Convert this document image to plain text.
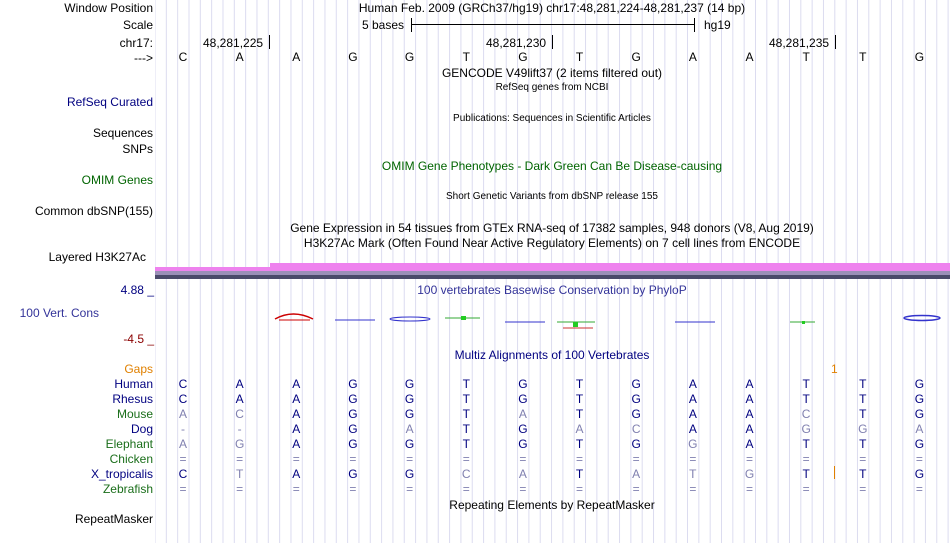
Window Position	Human Feb. 2009 (GRCh37/hg19) chr17:48,281,224-48,281,237 (14 bp)
Scale	5 bases	hg19
chr17:	48,281,225	48,281,230	48,281,235
--->	C	A	A	G	G	T	G	T	G	A	A	T	T	G
GENCODE V49lift37 (2 items filtered out)
RefSeq genes from NCBI
RefSeq Curated
Publications: Sequences in Scientific Articles
Sequences
SNPs
OMIM Gene Phenotypes - Dark Green Can Be Disease-causing
OMIM Genes
Short Genetic Variants from dbSNP release 155
Common dbSNP(155)
Gene Expression in 54 tissues from GTEx RNA-seq of 17382 samples, 948 donors (V8, Aug 2019)
H3K27Ac Mark (Often Found Near Active Regulatory Elements) on 7 cell lines from ENCODE
Layered H3K27Ac
4.88 _	100 vertebrates Basewise Conservation by PhyloP
100 Vert. Cons
-4.5 _
Multiz Alignments of 100 Vertebrates
Gaps	1
Human	C	A	A	G	G	T	G	T	G	A	A	T	T	G
Rhesus	C	A	A	G	G	T	G	T	G	A	A	T	T	G
Mouse	A	C	A	G	G	T	A	T	G	A	A	C	T	G
Dog	-	-	A	G	A	T	G	A	C	A	A	G	G	A
Elephant	A	G	A	G	G	T	G	T	G	G	A	T	T	G
Chicken	=	=	=	=	=	=	=	=	=	=	=	=	=	=
X_tropicalis	C	T	A	G	G	C	A	T	A	T	G	T	T	G
Zebrafish	=	=	=	=	=	=	=	=	=	=	=	=	=	=
Repeating Elements by RepeatMasker
RepeatMasker
